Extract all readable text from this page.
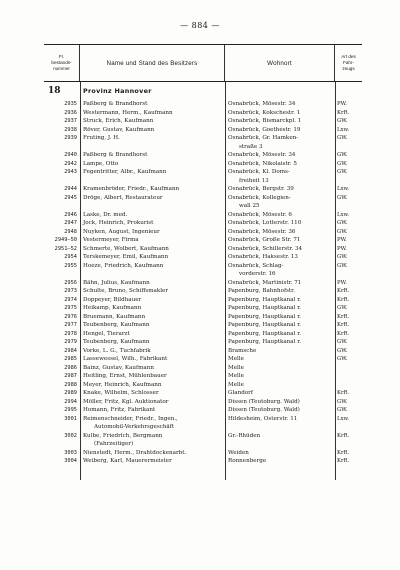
— 884 —
Fr.
bestands-
nummer
Name und Stand des Besitzers	Wohnort
Art des
Fahr-
zeugs
18	Provinz Hannover
2935	Paßberg & Brandhorst	Osnabrück, Mösestr. 34	PW.
2936	Westermann, Herm., Kaufmann	Osnabrück, Kokschestr. 1	KrR.
2937	Struck, Erich, Kaufmann	Osnabrück, Bismarckpl. 1	GW.
2938	Röver, Gustav, Kaufmann	Osnabrück, Goethestr. 19	Lxw.
2939	Fruting, J. H.	Osnabrück, Gr. Hamken-	GW.
straße 3
2940	Paßberg & Brandhorst	Osnabrück, Mösestr. 34	GW.
2942	Lampe, Otto	Osnabrück, Nikolaistr. 5	GW.
2943	Fegentritter, Albr., Kaufmann	Osnabrück, Kl. Doms-	GW.
freiheit 13
2944	Kramenbröder, Friedr., Kaufmann	Osnabrück, Bergstr. 39	Lxw.
2945	Dröge, Albert, Restaurateur	Osnabrück, Kollegien-	GW.
wall 25
2946	Laske, Dr. med.	Osnabrück, Mösestr. 6	Lxw.
2947	Jock, Heinrich, Prokurist	Osnabrück, Lotterstr. 110	GW.
2948	Nuyken, August, Ingenieur	Osnabrück, Mösestr. 36	GW.
2949—50	Vestermeyer, Firma	Osnabrück, Große Str. 71	PW.
2951—52	Schmerte, Wolbert, Kaufmann	Osnabrück, Schillerstr. 34	PW.
2954	Terskemeyer, Emil, Kaufmann	Osnabrück, Haksestr. 13	GW.
2955	Hoeze, Friedrich, Kaufmann	Osnabrück, Schlag-	GW.
vorderstr. 16
2956	Bähn, Julius, Kaufmann	Osnabrück, Martinistr. 71	PW.
2973	Schulte, Bruno, Schiffsmakler	Papenburg, Bahnhofstr.	KrR.
2974	Doppeyer, Bildhauer	Papenburg, Hauptkanal r.	KrR.
2975	Heikamp, Kaufmann	Papenburg, Hauptkanal r.	GW.
2976	Bruemann, Kaufmann	Papenburg, Hauptkanal r.	KrR.
2977	Teubenberg, Kaufmann	Papenburg, Hauptkanal r.	KrR.
2978	Hengel, Tierarzt	Papenburg, Hauptkanal r.	KrR.
2979	Teubenberg, Kaufmann	Papenburg, Hauptkanal r.	GW.
2984	Vorke, L. G., Tuchfabrik	Bramsche	GW.
2985	Lassewessel, Wilh., Fabrikant	Melle	GW.
2986	Bainz, Gustav, Kaufmann	Melle
2987	Heitling, Ernst, Mühlenbauer	Melle
2988	Meyer, Heinrich, Kaufmann	Melle
2989	Knake, Wilhelm, Schlosser	Glandorf	KrR.
2994	Möller, Fritz, Kgl. Auktionator	Dissen (Teutoburg. Wald)	GW.
2995	Homann, Fritz, Fabrikant	Dissen (Teutoburg. Wald)	GW.
3001	Reimenschneider, Friedr., Ingen.,	Hildesheim, Osterstr. 11	Lxw.
Automobil-Verkehrsgeschäft
3002	Kulbe, Friedrich, Bergmann	Gr.-Rhüden	KrR.
(Fahrzeitiger)
3003	Nienstedt, Herm., Drahtdockenarbt.	Weiden	KrR.
3004	Weiberg, Karl, Mauerermeister	Ronnenberge	KrR.
